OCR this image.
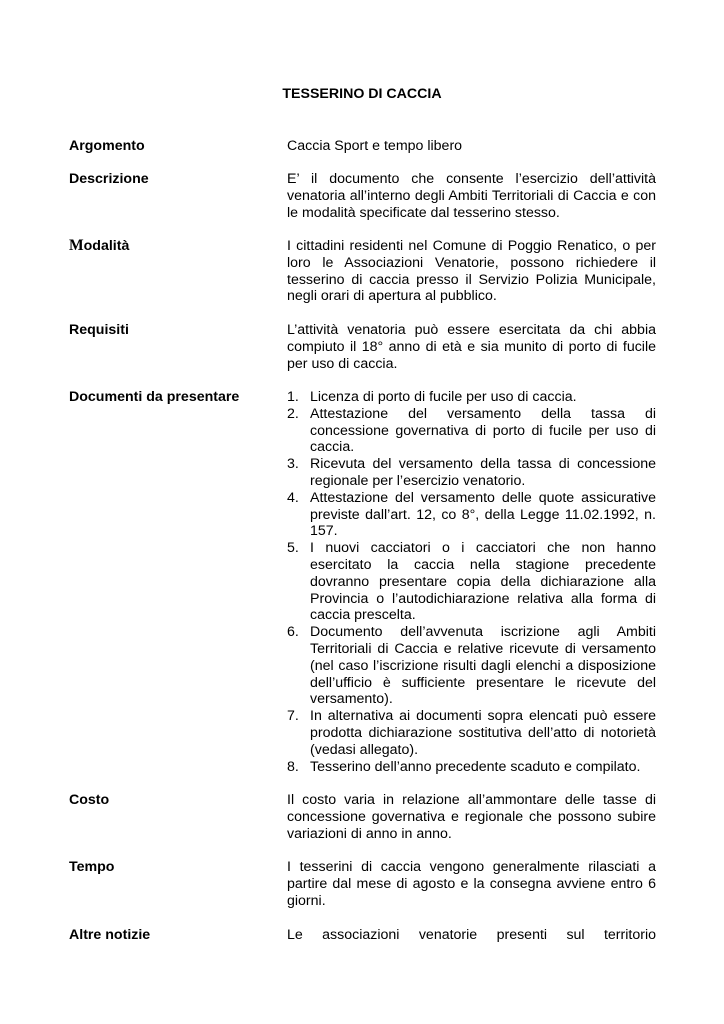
TESSERINO DI CACCIA
Argomento	Caccia Sport e tempo libero
Descrizione	E’ il documento che consente l’esercizio dell’attività venatoria all’interno degli Ambiti Territoriali di Caccia e con le modalità specificate dal tesserino stesso.
Modalità	I cittadini residenti nel Comune di Poggio Renatico, o per loro le Associazioni Venatorie, possono richiedere il tesserino di caccia presso il Servizio Polizia Municipale, negli orari di apertura al pubblico.
Requisiti	L’attività venatoria può essere esercitata da chi abbia compiuto il 18° anno di età e sia munito di porto di fucile per uso di caccia.
Documenti da presentare	1. Licenza di porto di fucile per uso di caccia.
2. Attestazione del versamento della tassa di concessione governativa di porto di fucile per uso di caccia.
3. Ricevuta del versamento della tassa di concessione regionale per l’esercizio venatorio.
4. Attestazione del versamento delle quote assicurative previste dall’art. 12, co 8°, della Legge 11.02.1992, n. 157.
5. I nuovi cacciatori o i cacciatori che non hanno esercitato la caccia nella stagione precedente dovranno presentare copia della dichiarazione alla Provincia o l’autodichiarazione relativa alla forma di caccia prescelta.
6. Documento dell’avvenuta iscrizione agli Ambiti Territoriali di Caccia e relative ricevute di versamento (nel caso l’iscrizione risulti dagli elenchi a disposizione dell’ufficio è sufficiente presentare le ricevute del versamento).
7. In alternativa ai documenti sopra elencati può essere prodotta dichiarazione sostitutiva dell’atto di notorietà (vedasi allegato).
8. Tesserino dell’anno precedente scaduto e compilato.
Costo	Il costo varia in relazione all’ammontare delle tasse di concessione governativa e regionale che possono subire variazioni di anno in anno.
Tempo	I tesserini di caccia vengono generalmente rilasciati a partire dal mese di agosto e la consegna avviene entro 6 giorni.
Altre notizie	Le associazioni venatorie presenti sul territorio
